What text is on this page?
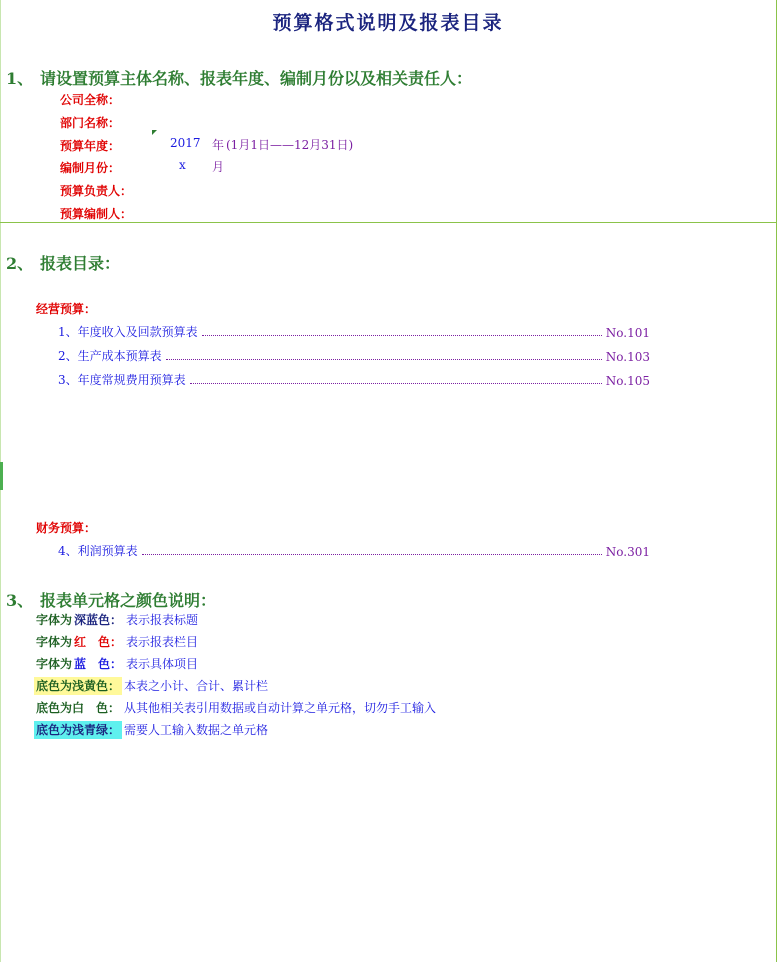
预算格式说明及报表目录
1、 请设置预算主体名称、报表年度、编制月份以及相关责任人：
公司全称：
部门名称：
预算年度：	2017 年 (1月1日——12月31日)
编制月份：	x 月
预算负责人：
预算编制人：
2、 报表目录：
经营预算：
1、年度收入及回款预算表	No.101
2、生产成本预算表	No.103
3、年度常规费用预算表	No.105
财务预算：
4、利润预算表	No.301
3、 报表单元格之颜色说明：
字体为 深蓝色： 表示报表标题
字体为 红　色： 表示报表栏目
字体为 蓝　色： 表示具体项目
底色为浅黄色： 本表之小计、合计、累计栏
底色为白　色： 从其他相关表引用数据或自动计算之单元格，切勿手工输入
底色为浅青绿： 需要人工输入数据之单元格
